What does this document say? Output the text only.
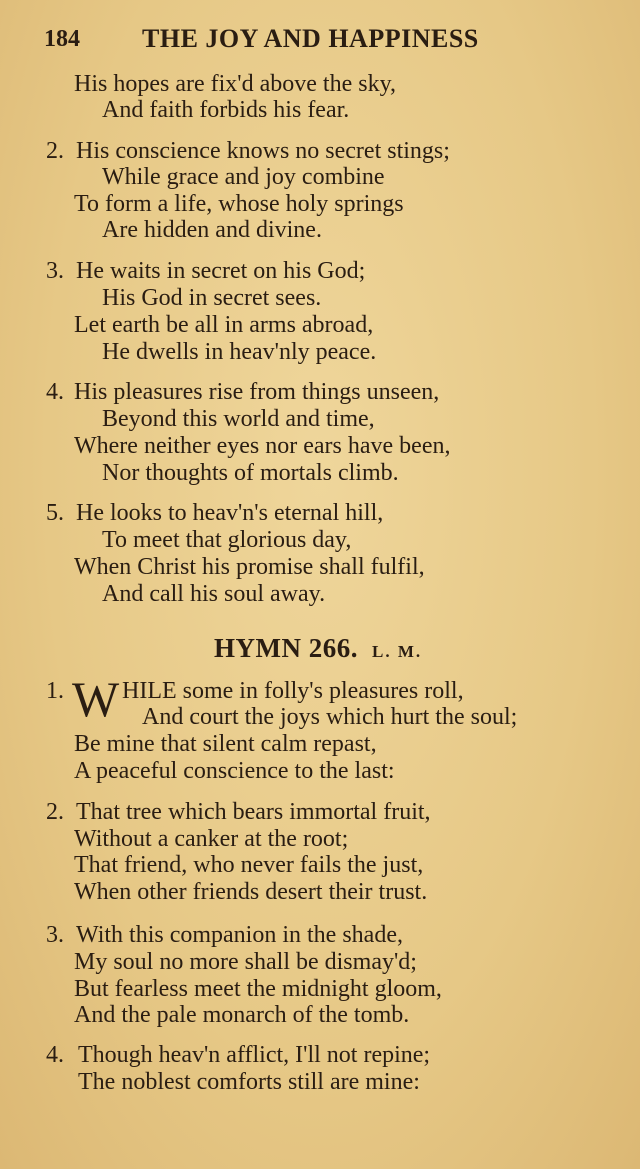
184 THE JOY AND HAPPINESS
His hopes are fix'd above the sky,
And faith forbids his fear.
2. His conscience knows no secret stings;
While grace and joy combine
To form a life, whose holy springs
Are hidden and divine.
3. He waits in secret on his God;
His God in secret sees.
Let earth be all in arms abroad,
He dwells in heav'nly peace.
4. His pleasures rise from things unseen,
Beyond this world and time,
Where neither eyes nor ears have been,
Nor thoughts of mortals climb.
5. He looks to heav'n's eternal hill,
To meet that glorious day,
When Christ his promise shall fulfil,
And call his soul away.
HYMN 266. L. M.
1. W HILE some in folly's pleasures roll,
And court the joys which hurt the soul;
Be mine that silent calm repast,
A peaceful conscience to the last:
2. That tree which bears immortal fruit,
Without a canker at the root;
That friend, who never fails the just,
When other friends desert their trust.
3. With this companion in the shade,
My soul no more shall be dismay'd;
But fearless meet the midnight gloom,
And the pale monarch of the tomb.
4. Though heav'n afflict, I'll not repine;
The noblest comforts still are mine:
